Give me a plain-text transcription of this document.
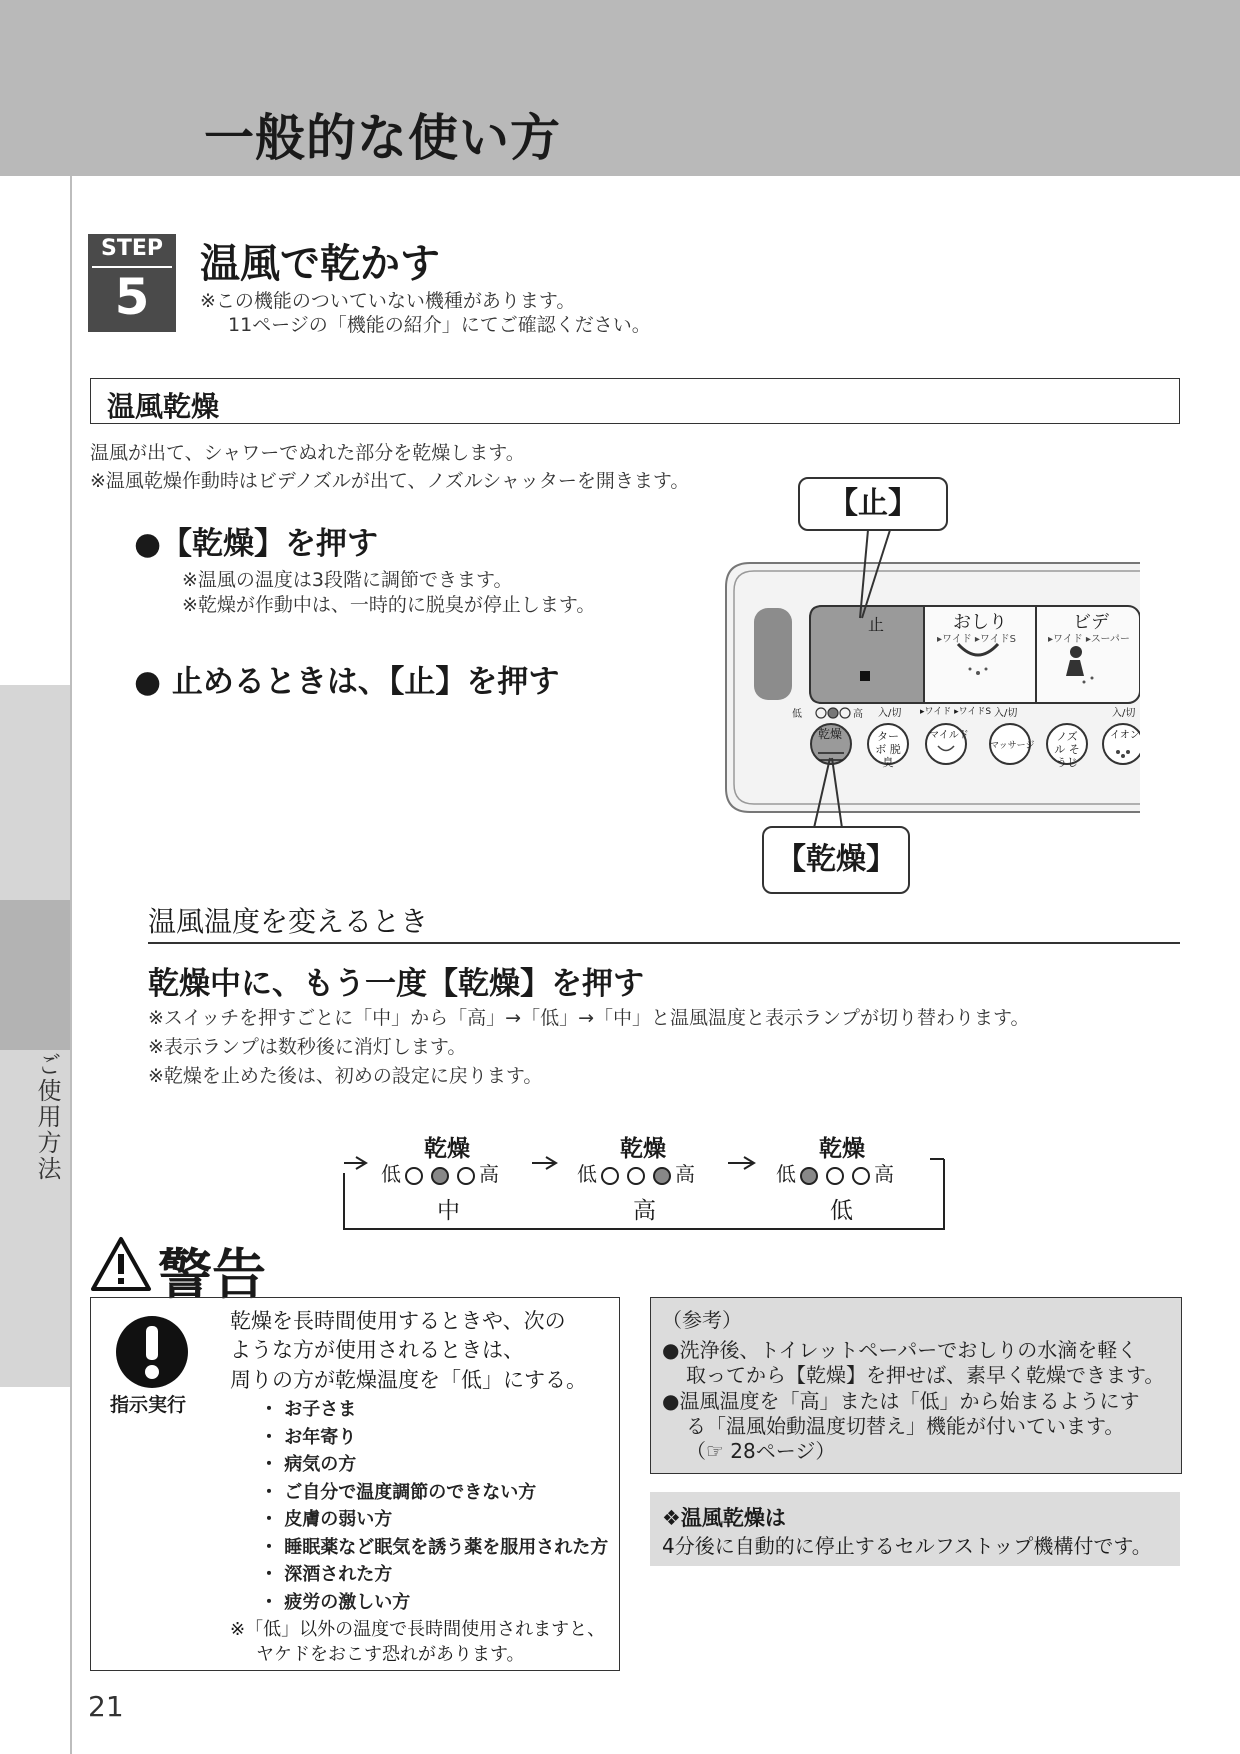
一般的な使い方
ご使用方法
STEP
5
温風で乾かす
※この機能のついていない機種があります。
11ページの「機能の紹介」にてご確認ください。
温風乾燥
温風が出て、シャワーでぬれた部分を乾燥します。
※温風乾燥作動時はビデノズルが出て、ノズルシャッターを開きます。
●【乾燥】を押す
※温風の温度は3段階に調節できます。
※乾燥が作動中は、一時的に脱臭が停止します。
● 止めるときは、【止】を押す
止	おしり
▸ワイド ▸ワイドS
ビデ
▸ワイド ▸スーパー
低	高 入/切 ▸ワイド ▸ワイドS 入/切	入/切
乾燥	ターボ 脱臭
マイルド
マッサージ
ノズル そうじ
イオン
【止】
【乾燥】
温風温度を変えるとき
乾燥中に、もう一度【乾燥】を押す
※スイッチを押すごとに「中」から「高」→「低」→「中」と温風温度と表示ランプが切り替わります。
※表示ランプは数秒後に消灯します。
※乾燥を止めた後は、初めの設定に戻ります。
乾燥
低	高
中
乾燥
低	高
高
乾燥
低	高
低
警告
指示実行
乾燥を長時間使用するときや、次の
ような方が使用されるときは、
周りの方が乾燥温度を「低」にする。
・ お子さま
・ お年寄り
・ 病気の方
・ ご自分で温度調節のできない方
・ 皮膚の弱い方
・ 睡眠薬など眠気を誘う薬を服用された方
・ 深酒された方
・ 疲労の激しい方
※「低」以外の温度で長時間使用されますと、
ヤケドをおこす恐れがあります。
（参考）
●洗浄後、トイレットペーパーでおしりの水滴を軽く
取ってから【乾燥】を押せば、素早く乾燥できます。
●温風温度を「高」または「低」から始まるようにす
る「温風始動温度切替え」機能が付いています。
（☞ 28ページ）
❖温風乾燥は
4分後に自動的に停止するセルフストップ機構付です。
21
